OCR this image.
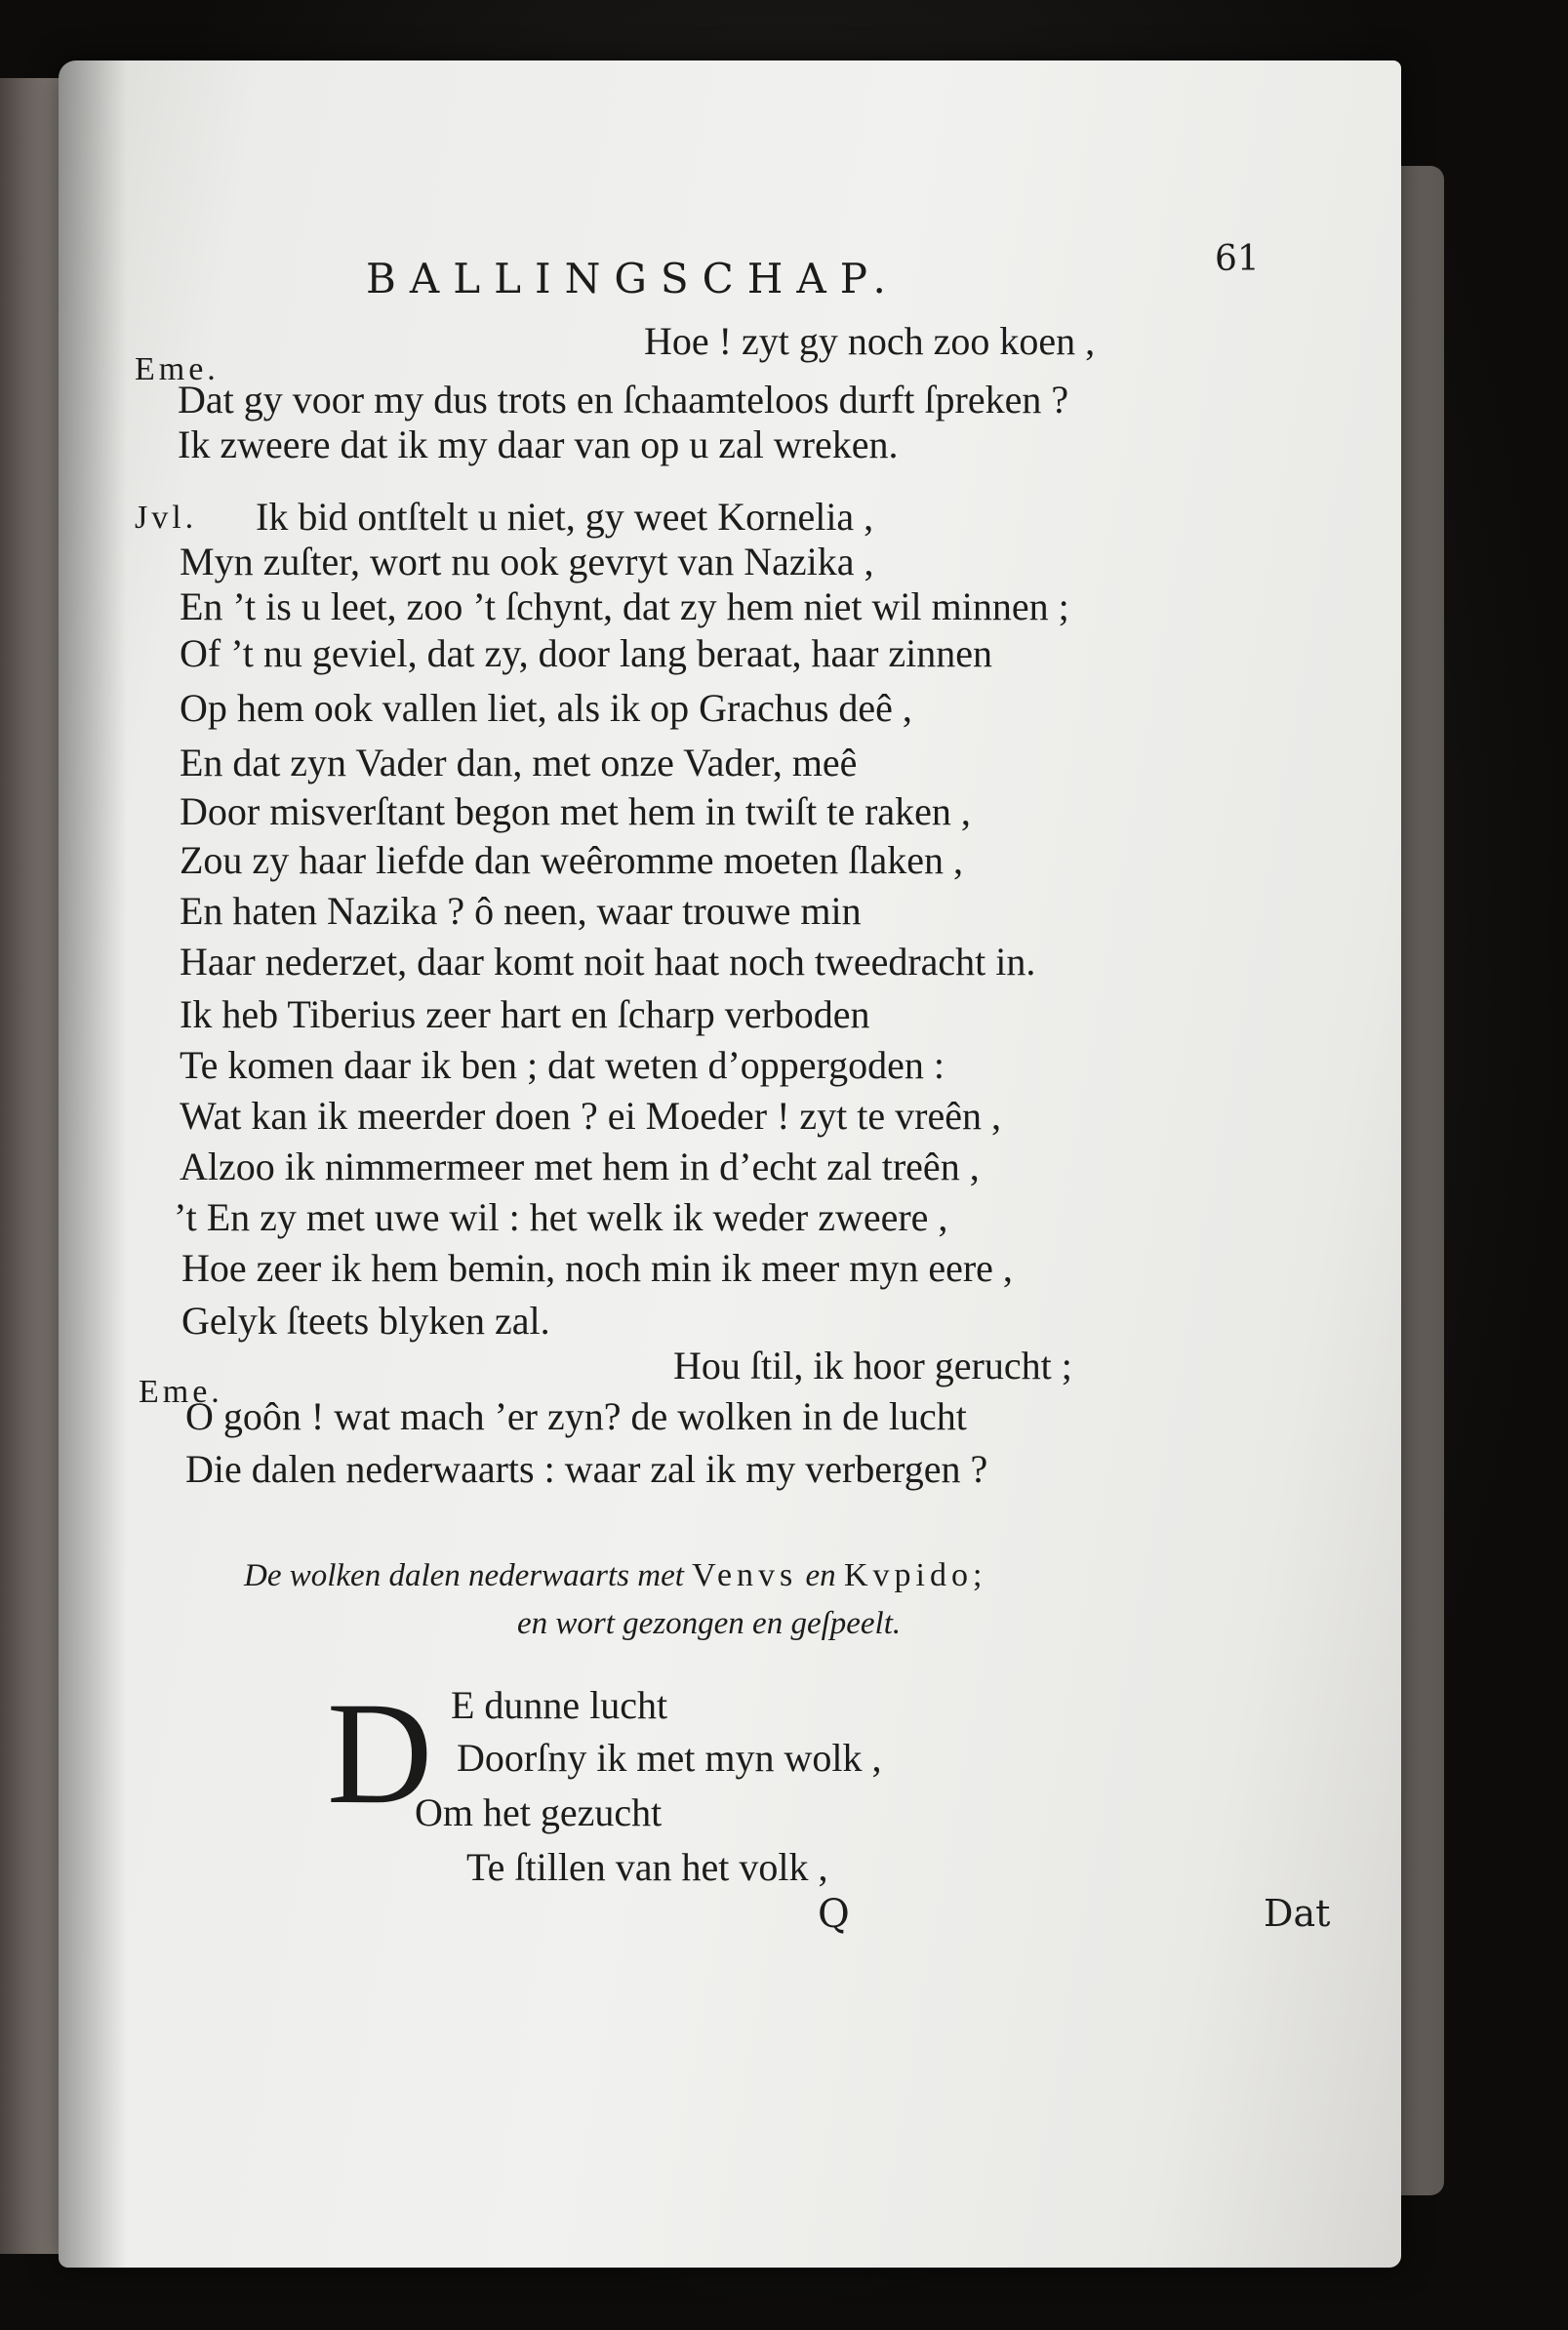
BALLINGSCHAP.	61
Hoe ! zyt gy noch zoo koen ,
Eme.
Dat gy voor my dus trots en ſchaamteloos durft ſpreken ?
Ik zweere dat ik my daar van op u zal wreken.
Jvl. Ik bid ontſtelt u niet, gy weet Kornelia ,
Myn zuſter, wort nu ook gevryt van Nazika ,
En ’t is u leet, zoo ’t ſchynt, dat zy hem niet wil minnen ;
Of ’t nu geviel, dat zy, door lang beraat, haar zinnen
Op hem ook vallen liet, als ik op Grachus deê ,
En dat zyn Vader dan, met onze Vader, meê
Door misverſtant begon met hem in twiſt te raken ,
Zou zy haar liefde dan weêromme moeten ſlaken ,
En haten Nazika ? ô neen, waar trouwe min
Haar nederzet, daar komt noit haat noch tweedracht in.
Ik heb Tiberius zeer hart en ſcharp verboden
Te komen daar ik ben ; dat weten d’oppergoden :
Wat kan ik meerder doen ? ei Moeder ! zyt te vreên ,
Alzoo ik nimmermeer met hem in d’echt zal treên ,
’t En zy met uwe wil : het welk ik weder zweere ,
Hoe zeer ik hem bemin, noch min ik meer myn eere ,
Gelyk ſteets blyken zal.
Hou ſtil, ik hoor gerucht ;
Eme.
O goôn ! wat mach ’er zyn? de wolken in de lucht
Die dalen nederwaarts : waar zal ik my verbergen ?
De wolken dalen nederwaarts met Venvs en Kvpido;
en wort gezongen en geſpeelt.
D E dunne lucht
Doorſny ik met myn wolk ,
Om het gezucht
Te ſtillen van het volk ,
Q	Dat
